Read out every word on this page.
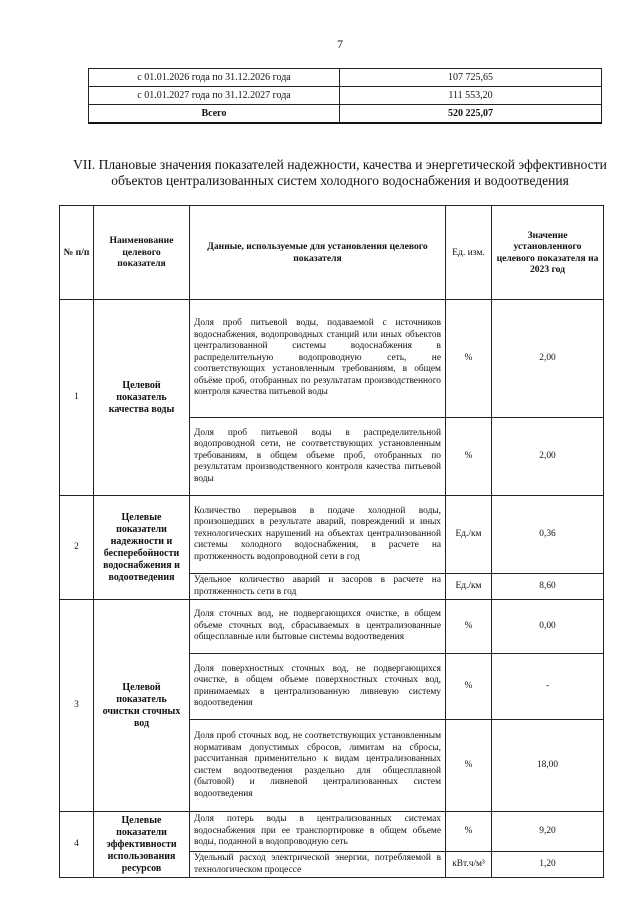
7
с 01.01.2026 года по 31.12.2026 года	107 725,65
с 01.01.2027 года по 31.12.2027 года	111 553,20
Всего	520 225,07
VII. Плановые значения показателей надежности, качества и энергетической эффективности объектов централизованных систем холодного водоснабжения и водоотведения
№ п/п	Наименование целевого показателя	Данные, используемые для установления целевого показателя	Ед. изм.	Значение установленного целевого показателя на 2023 год
1	Целевой показатель качества воды	Доля проб питьевой воды, подаваемой с источников водоснабжения, водопроводных станций или иных объектов централизованной системы водоснабжения в распределительную водопроводную сеть, не соответствующих установленным требованиям, в общем объёме проб, отобранных по результатам производственного контроля качества питьевой воды	%	2,00
		Доля проб питьевой воды в распределительной водопроводной сети, не соответствующих установленным требованиям, в общем объеме проб, отобранных по результатам производственного контроля качества питьевой воды	%	2,00
2	Целевые показатели надежности и бесперебойности водоснабжения и водоотведения	Количество перерывов в подаче холодной воды, произошедших в результате аварий, повреждений и иных технологических нарушений на объектах централизованной системы холодного водоснабжения, в расчете на протяженность водопроводной сети в год	Ед./км	0,36
		Удельное количество аварий и засоров в расчете на протяженность сети в год	Ед./км	8,60
3	Целевой показатель очистки сточных вод	Доля сточных вод, не подвергающихся очистке, в общем объеме сточных вод, сбрасываемых в централизованные общесплавные или бытовые системы водоотведения	%	0,00
		Доля поверхностных сточных вод, не подвергающихся очистке, в общем объеме поверхностных сточных вод, принимаемых в централизованную ливневую систему водоотведения	%	-
		Доля проб сточных вод, не соответствующих установленным нормативам допустимых сбросов, лимитам на сбросы, рассчитанная применительно к видам централизованных систем водоотведения раздельно для общесплавной (бытовой) и ливневой централизованных систем водоотведения	%	18,00
4	Целевые показатели эффективности использования ресурсов	Доля потерь воды в централизованных системах водоснабжения при ее транспортировке в общем объеме воды, поданной в водопроводную сеть	%	9,20
		Удельный расход электрической энергии, потребляемой в технологическом процессе	кВт.ч/м³	1,20
